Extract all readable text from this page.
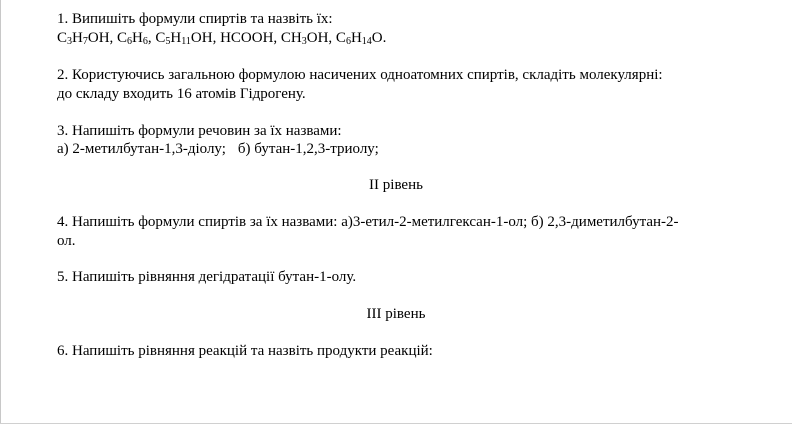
1. Випишіть формули спиртів та назвіть їх:
$C_3H_7OH$, $C_6H_6$, $C_5H_{11}OH$, HCOOH, $CH_3OH$, $C_6H_{14}O$.
2. Користуючись загальною формулою насичених одноатомних спиртів, складіть молекулярні:
до складу входить 16 атомів Гідрогену.
3. Напишіть формули речовин за їх назвами:
а) 2-метилбутан-1,3-діолу; б) бутан-1,2,3-триолу;
ІІ рівень
4. Напишіть формули спиртів за їх назвами: а)3-етил-2-метилгексан-1-ол; б) 2,3-диметилбутан-2-
ол.
5. Напишіть рівняння дегідратації бутан-1-олу.
ІІІ рівень
6. Напишіть рівняння реакцій та назвіть продукти реакцій:
